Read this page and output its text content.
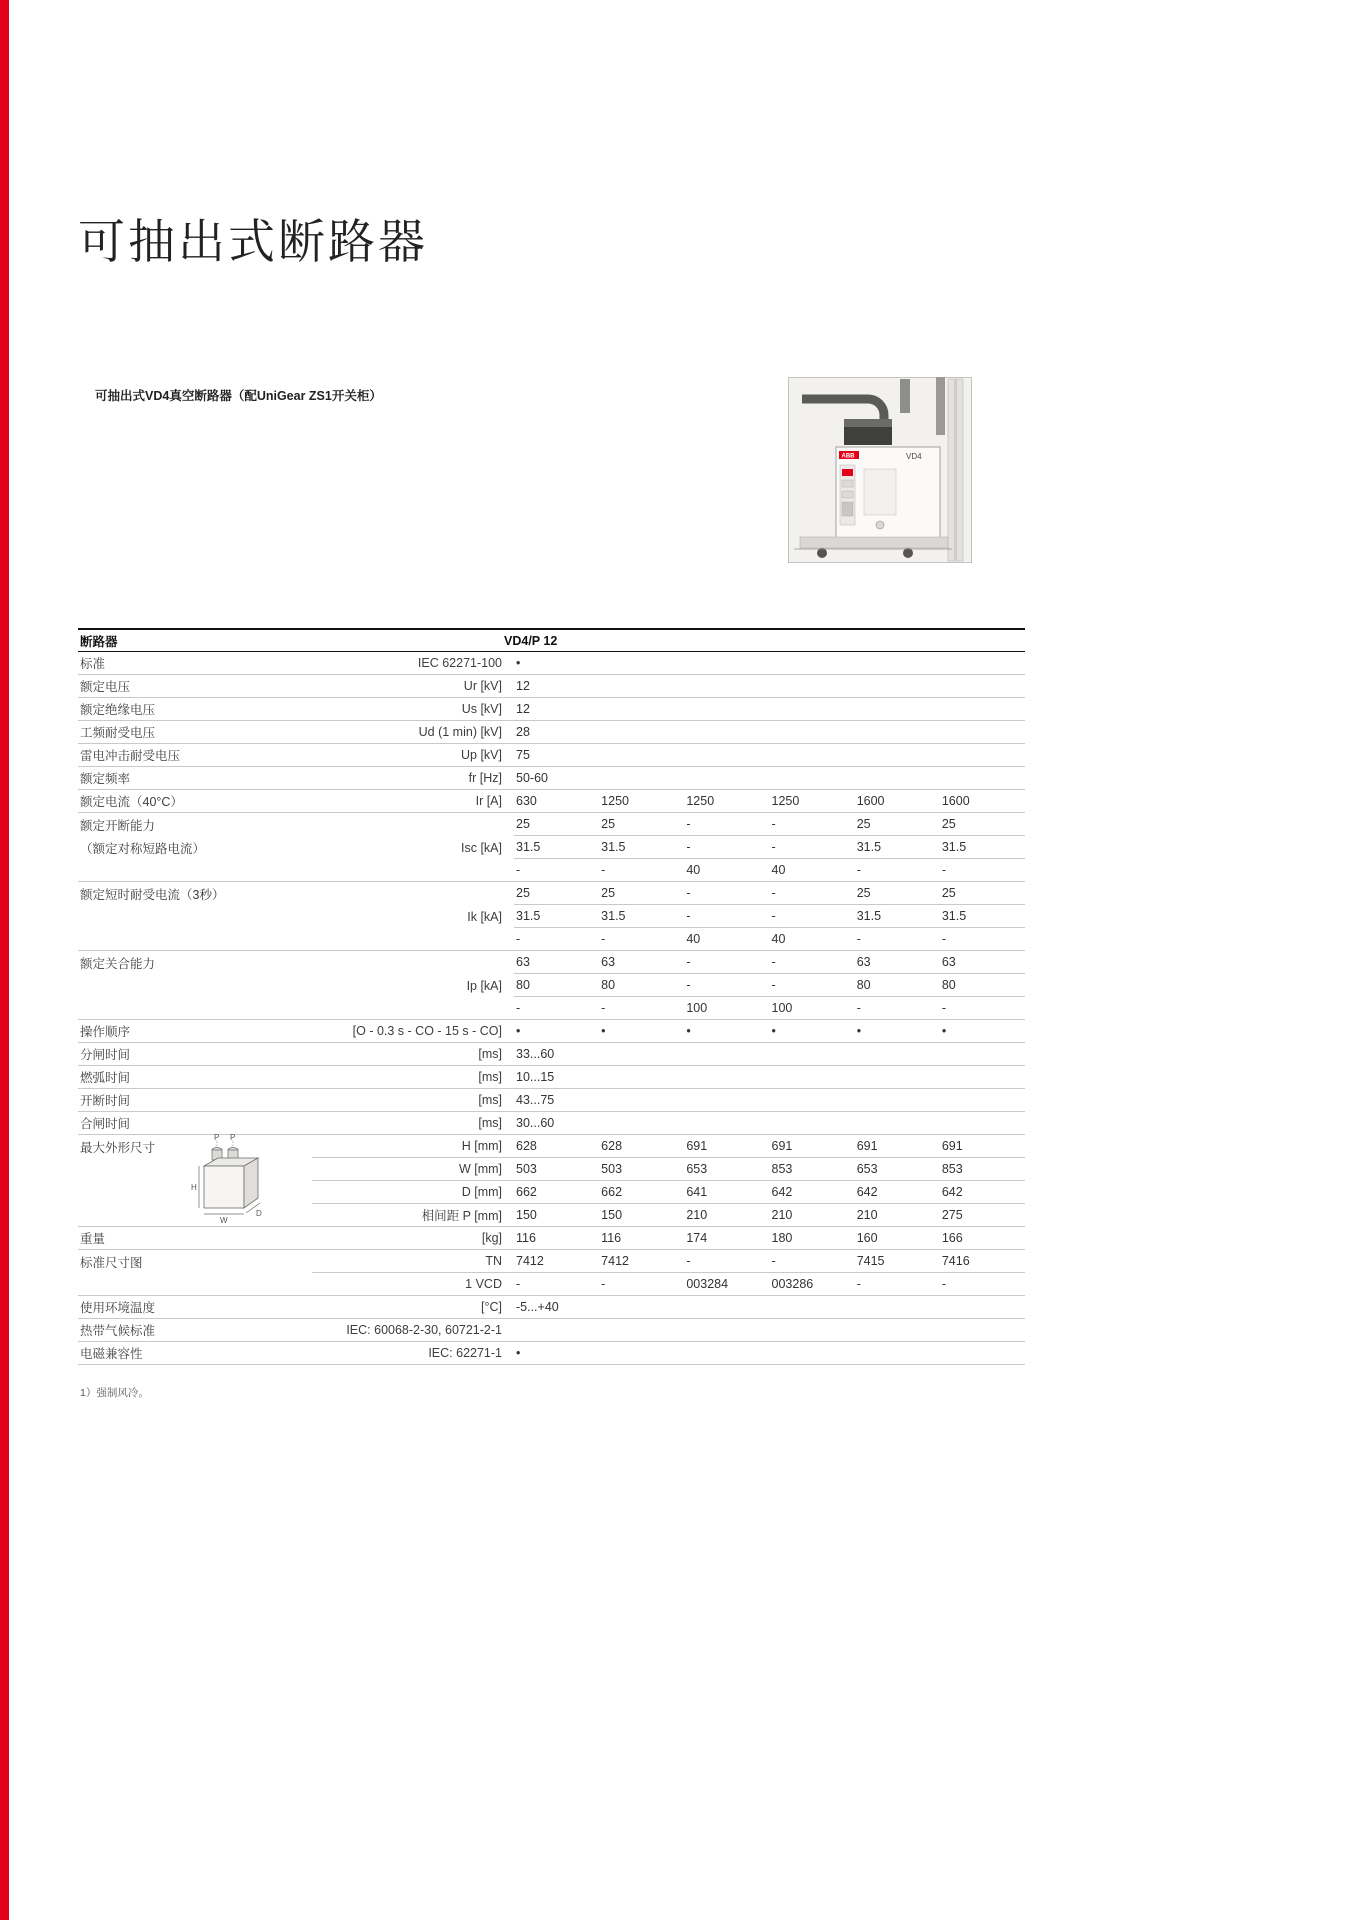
可抽出式断路器
可抽出式VD4真空断路器（配UniGear ZS1开关柜）
ABB	VD4
断路器	VD4/P 12
标准	IEC 62271-100	•
额定电压	Ur [kV]	12
额定绝缘电压	Us [kV]	12
工频耐受电压	Ud (1 min) [kV]	28
雷电冲击耐受电压	Up [kV]	75
额定频率	fr [Hz]	50-60
额定电流（40°C）	Ir [A]	630	1250	1250	1250	1600	1600
额定开断能力	25	25	-	-	25	25
（额定对称短路电流）	Isc [kA]	31.5	31.5	-	-	31.5	31.5
-	-	40	40	-	-
额定短时耐受电流（3秒）	25	25	-	-	25	25
Ik [kA]	31.5	31.5	-	-	31.5	31.5
-	-	40	40	-	-
额定关合能力	63	63	-	-	63	63
Ip [kA]	80	80	-	-	80	80
-	-	100	100	-	-
操作顺序	[O - 0.3 s - CO - 15 s - CO]	•	•	•	•	•	•
分闸时间	[ms]	33...60
燃弧时间	[ms]	10...15
开断时间	[ms]	43...75
合闸时间	[ms]	30...60
最大外形尺寸	H [mm]	628	628	691	691	691	691
W [mm]	503	503	653	853	653	853
D [mm]	662	662	641	642	642	642
相间距 P [mm]	150	150	210	210	210	275
重量	[kg]	116	116	174	180	160	166
标准尺寸图	TN	7412	7412	-	-	7415	7416
1 VCD	-	-	003284	003286	-	-
使用环境温度	[°C]	-5...+40
热带气候标准	IEC: 60068-2-30, 60721-2-1
电磁兼容性	IEC: 62271-1	•
P P
H
W
D
1）强制风冷。
